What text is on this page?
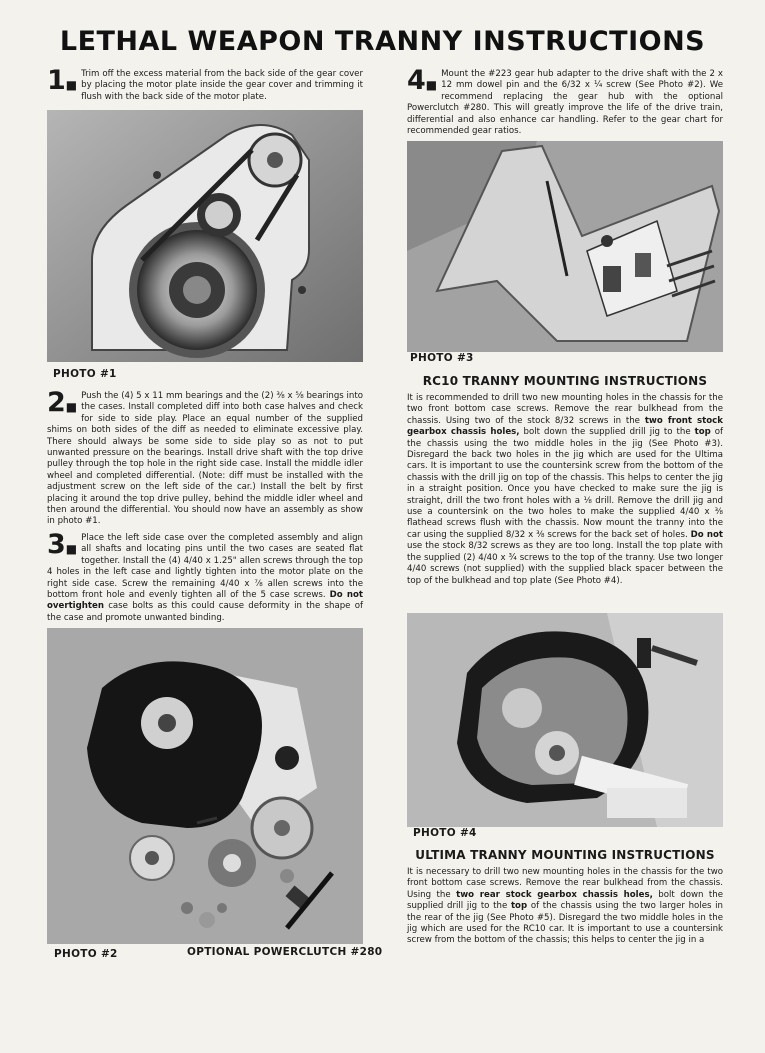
LETHAL WEAPON TRANNY INSTRUCTIONS
1■

Trim off the excess material from the back side of the gear cover by placing the motor plate inside the gear cover and trimming it flush with the back side of the motor plate.

PHOTO #1
2■

Push the (4) 5 x 11 mm bearings and the (2) ⅜ x ⅝ bearings into the cases. Install completed diff into both case halves and check for side to side play. Place an equal number of the supplied shims on both sides of the diff as needed to eliminate excessive play. There should always be some side to side play so as not to put unwanted pressure on the bearings. Install drive shaft with the top drive pulley through the top hole in the right side case. Install the middle idler wheel and completed differential. (Note: diff must be installed with the adjustment screw on the left side of the car.) Install the belt by first placing it around the top drive pulley, behind the middle idler wheel and then around the differential. You should now have an assembly as show in photo #1.

3■

Place the left side case over the completed assembly and align all shafts and locating pins until the two cases are seated flat together. Install the (4) 4/40 x 1.25" allen screws through the top 4 holes in the left case and lightly tighten into the motor plate on the right side case. Screw the remaining 4/40 x ⅞ allen screws into the bottom front hole and evenly tighten all of the 5 case screws. Do not overtighten case bolts as this could cause deformity in the shape of the case and promote unwanted binding.

PHOTO #2	OPTIONAL POWERCLUTCH #280
4■

Mount the #223 gear hub adapter to the drive shaft with the 2 x 12 mm dowel pin and the 6/32 x ¼ screw (See Photo #2). We recommend replacing the gear hub with the optional Powerclutch #280. This will greatly improve the life of the drive train, differential and also enhance car handling. Refer to the gear chart for recommended gear ratios.

PHOTO #3
RC10 TRANNY MOUNTING INSTRUCTIONS

It is recommended to drill two new mounting holes in the chassis for the two front bottom case screws. Remove the rear bulkhead from the chassis. Using two of the stock 8/32 screws in the two front stock gearbox chassis holes, bolt down the supplied drill jig to the top of the chassis using the two middle holes in the jig (See Photo #3). Disregard the back two holes in the jig which are used for the Ultima cars. It is important to use the countersink screw from the bottom of the chassis with the drill jig on top of the chassis. This helps to center the jig in a straight position. Once you have checked to make sure the jig is straight, drill the two front holes with a ⅛ drill. Remove the drill jig and use a countersink on the two holes to make the supplied 4/40 x ⅜ flathead screws flush with the chassis. Now mount the tranny into the car using the supplied 8/32 x ⅜ screws for the back set of holes. Do not use the stock 8/32 screws as they are too long. Install the top plate with the supplied (2) 4/40 x ¾ screws to the top of the tranny. Use two longer 4/40 screws (not supplied) with the supplied black spacer between the top of the bulkhead and top plate (See Photo #4).

PHOTO #4
ULTIMA TRANNY MOUNTING INSTRUCTIONS

It is necessary to drill two new mounting holes in the chassis for the two front bottom case screws. Remove the rear bulkhead from the chassis. Using the two rear stock gearbox chassis holes, bolt down the supplied drill jig to the top of the chassis using the two larger holes in the rear of the jig (See Photo #5). Disregard the two middle holes in the jig which are used for the RC10 car. It is important to use a countersink screw from the bottom of the chassis; this helps to center the jig in a
